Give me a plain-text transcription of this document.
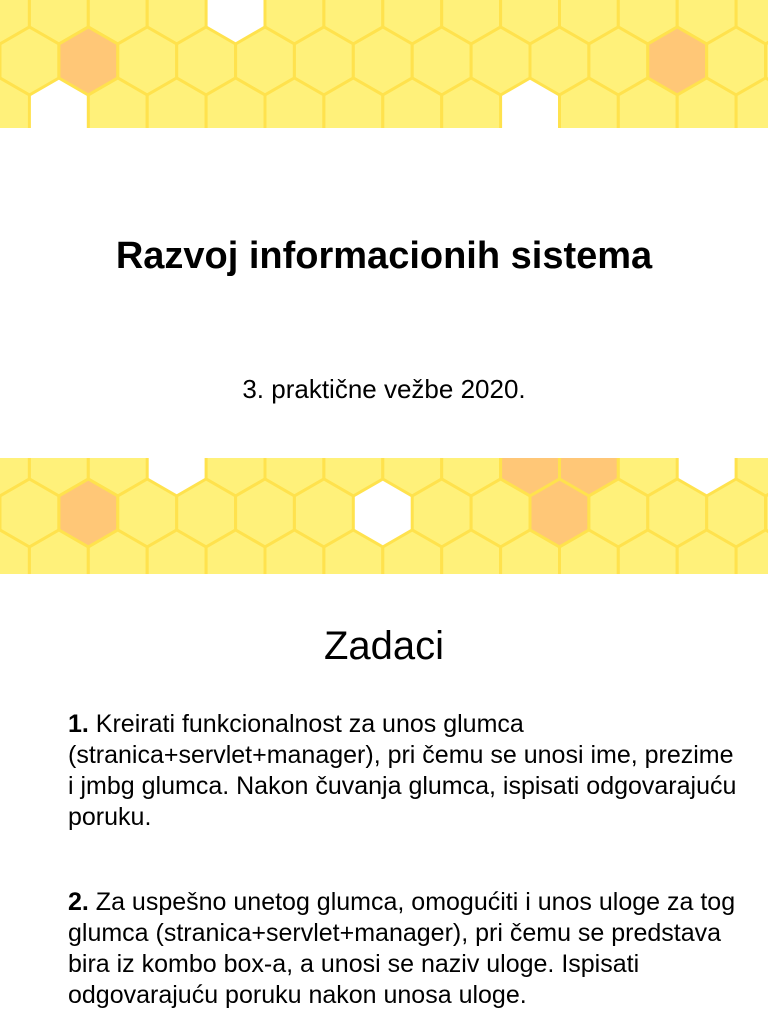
Razvoj informacionih sistema

3. praktične vežbe 2020.

Zadaci

1. Kreirati funkcionalnost za unos glumca (stranica+servlet+manager), pri čemu se unosi ime, prezime i jmbg glumca. Nakon čuvanja glumca, ispisati odgovarajuću poruku.

2. Za uspešno unetog glumca, omogućiti i unos uloge za tog glumca (stranica+servlet+manager), pri čemu se predstava bira iz kombo box-a, a unosi se naziv uloge. Ispisati odgovarajuću poruku nakon unosa uloge.
